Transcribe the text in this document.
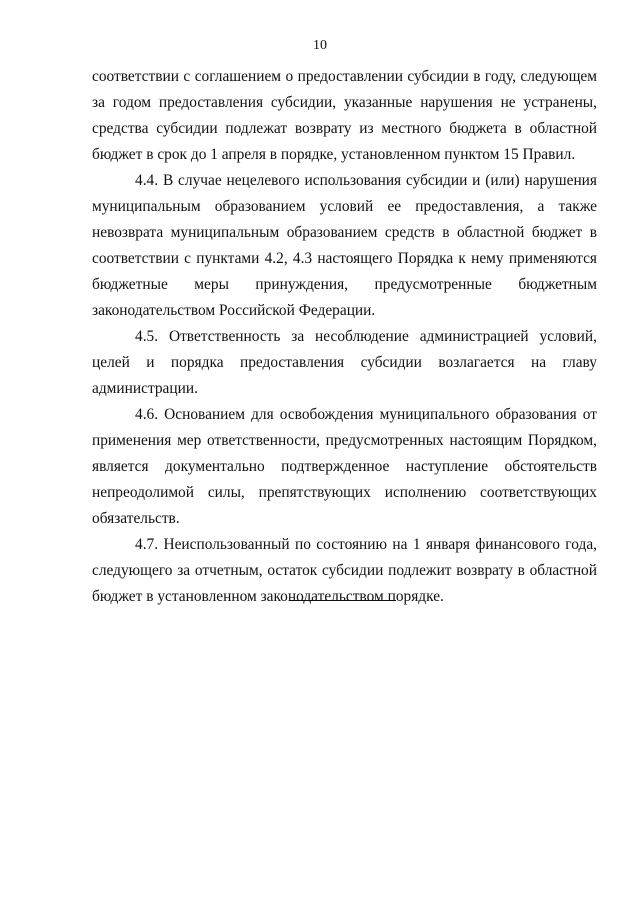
10

соответствии с соглашением о предоставлении субсидии в году, следующем за годом предоставления субсидии, указанные нарушения не устранены, средства субсидии подлежат возврату из местного бюджета в областной бюджет в срок до 1 апреля в порядке, установленном пунктом 15 Правил.

4.4. В случае нецелевого использования субсидии и (или) нарушения муниципальным образованием условий ее предоставления, а также невозврата муниципальным образованием средств в областной бюджет в соответствии с пунктами 4.2, 4.3 настоящего Порядка к нему применяются бюджетные меры принуждения, предусмотренные бюджетным законодательством Российской Федерации.

4.5. Ответственность за несоблюдение администрацией условий, целей и порядка предоставления субсидии возлагается на главу администрации.

4.6. Основанием для освобождения муниципального образования от применения мер ответственности, предусмотренных настоящим Порядком, является документально подтвержденное наступление обстоятельств непреодолимой силы, препятствующих исполнению соответствующих обязательств.

4.7. Неиспользованный по состоянию на 1 января финансового года, следующего за отчетным, остаток субсидии подлежит возврату в областной бюджет в установленном законодательством порядке.
